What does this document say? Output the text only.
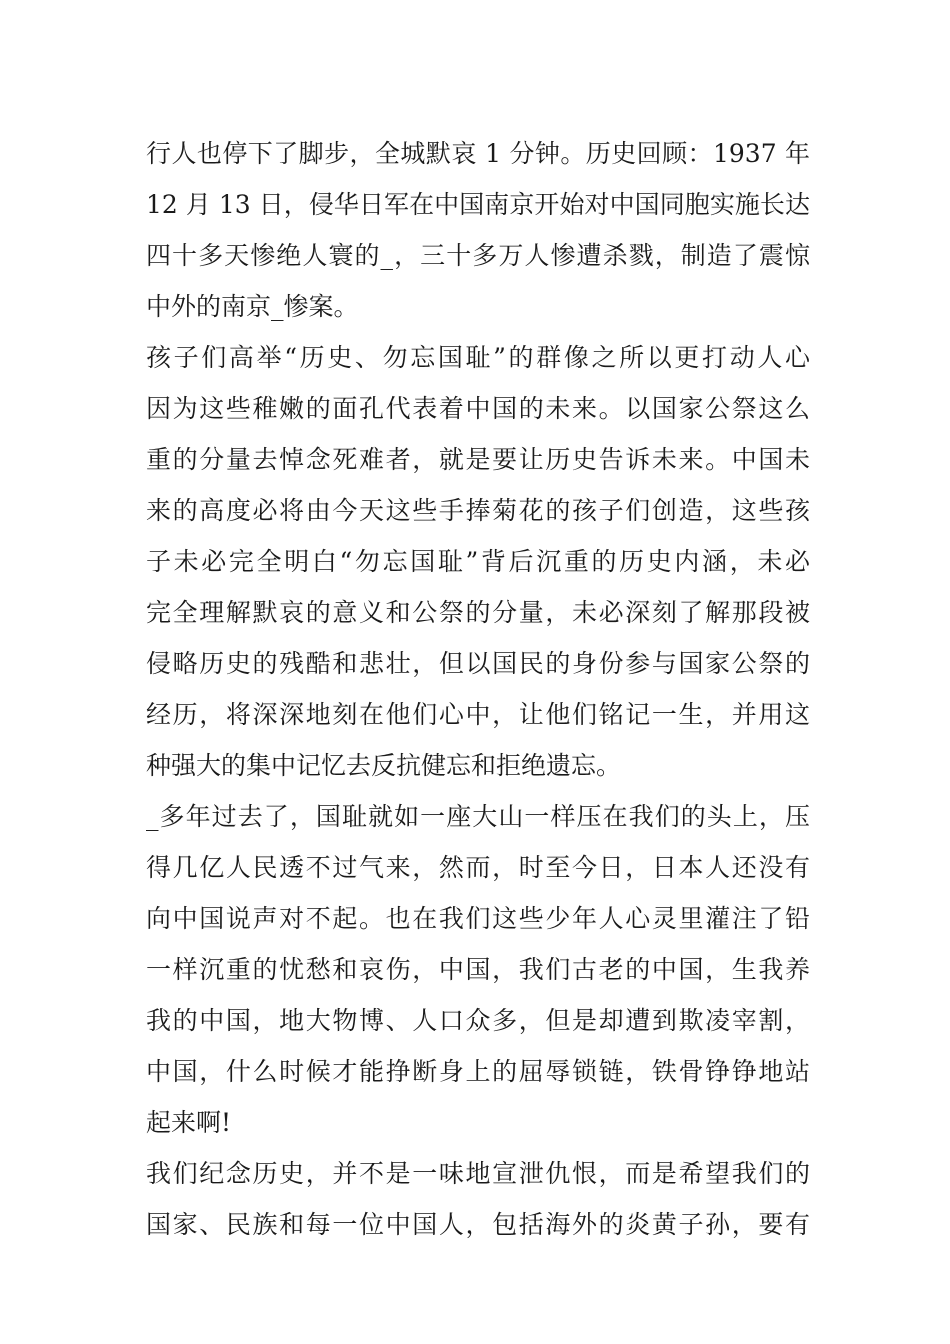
行人也停下了脚步，全城默哀 1 分钟。历史回顾：1937 年
12 月 13 日，侵华日军在中国南京开始对中国同胞实施长达
四十多天惨绝人寰的_，三十多万人惨遭杀戮，制造了震惊
中外的南京_惨案。
孩子们高举“历史、勿忘国耻”的群像之所以更打动人心
因为这些稚嫩的面孔代表着中国的未来。以国家公祭这么
重的分量去悼念死难者，就是要让历史告诉未来。中国未
来的高度必将由今天这些手捧菊花的孩子们创造，这些孩
子未必完全明白“勿忘国耻”背后沉重的历史内涵，未必
完全理解默哀的意义和公祭的分量，未必深刻了解那段被
侵略历史的残酷和悲壮，但以国民的身份参与国家公祭的
经历，将深深地刻在他们心中，让他们铭记一生，并用这
种强大的集中记忆去反抗健忘和拒绝遗忘。
_多年过去了，国耻就如一座大山一样压在我们的头上，压
得几亿人民透不过气来，然而，时至今日，日本人还没有
向中国说声对不起。也在我们这些少年人心灵里灌注了铅
一样沉重的忧愁和哀伤，中国，我们古老的中国，生我养
我的中国，地大物博、人口众多，但是却遭到欺凌宰割，
中国，什么时候才能挣断身上的屈辱锁链，铁骨铮铮地站
起来啊!
我们纪念历史，并不是一味地宣泄仇恨，而是希望我们的
国家、民族和每一位中国人，包括海外的炎黄子孙，要有
